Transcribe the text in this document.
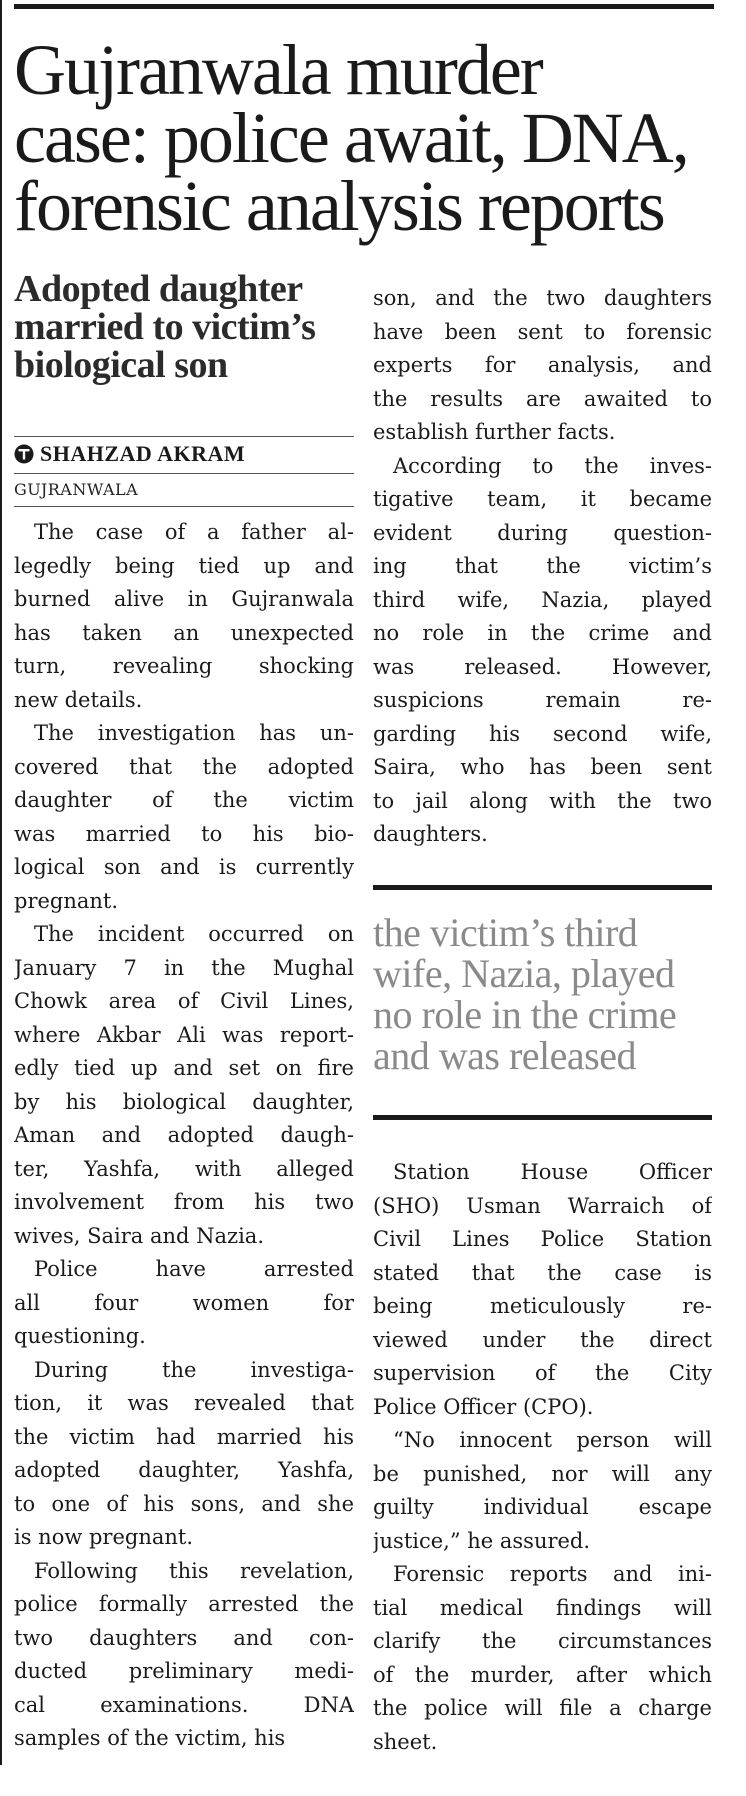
Gujranwala murder
case: police await, DNA,
forensic analysis reports
Adopted daughter
married to victim’s
biological son
SHAHZAD AKRAM
GUJRANWALA
The case of a father al-
legedly being tied up and
burned alive in Gujranwala
has taken an unexpected
turn, revealing shocking
new details.
The investigation has un-
covered that the adopted
daughter of the victim
was married to his bio-
logical son and is currently
pregnant.
The incident occurred on
January 7 in the Mughal
Chowk area of Civil Lines,
where Akbar Ali was report-
edly tied up and set on fire
by his biological daughter,
Aman and adopted daugh-
ter, Yashfa, with alleged
involvement from his two
wives, Saira and Nazia.
Police have arrested
all four women for
questioning.
During the investiga-
tion, it was revealed that
the victim had married his
adopted daughter, Yashfa,
to one of his sons, and she
is now pregnant.
Following this revelation,
police formally arrested the
two daughters and con-
ducted preliminary medi-
cal examinations. DNA
samples of the victim, his
son, and the two daughters
have been sent to forensic
experts for analysis, and
the results are awaited to
establish further facts.
According to the inves-
tigative team, it became
evident during question-
ing that the victim’s
third wife, Nazia, played
no role in the crime and
was released. However,
suspicions remain re-
garding his second wife,
Saira, who has been sent
to jail along with the two
daughters.
the victim’s third
wife, Nazia, played
no role in the crime
and was released
Station House Officer
(SHO) Usman Warraich of
Civil Lines Police Station
stated that the case is
being meticulously re-
viewed under the direct
supervision of the City
Police Officer (CPO).
“No innocent person will
be punished, nor will any
guilty individual escape
justice,” he assured.
Forensic reports and ini-
tial medical findings will
clarify the circumstances
of the murder, after which
the police will file a charge
sheet.
